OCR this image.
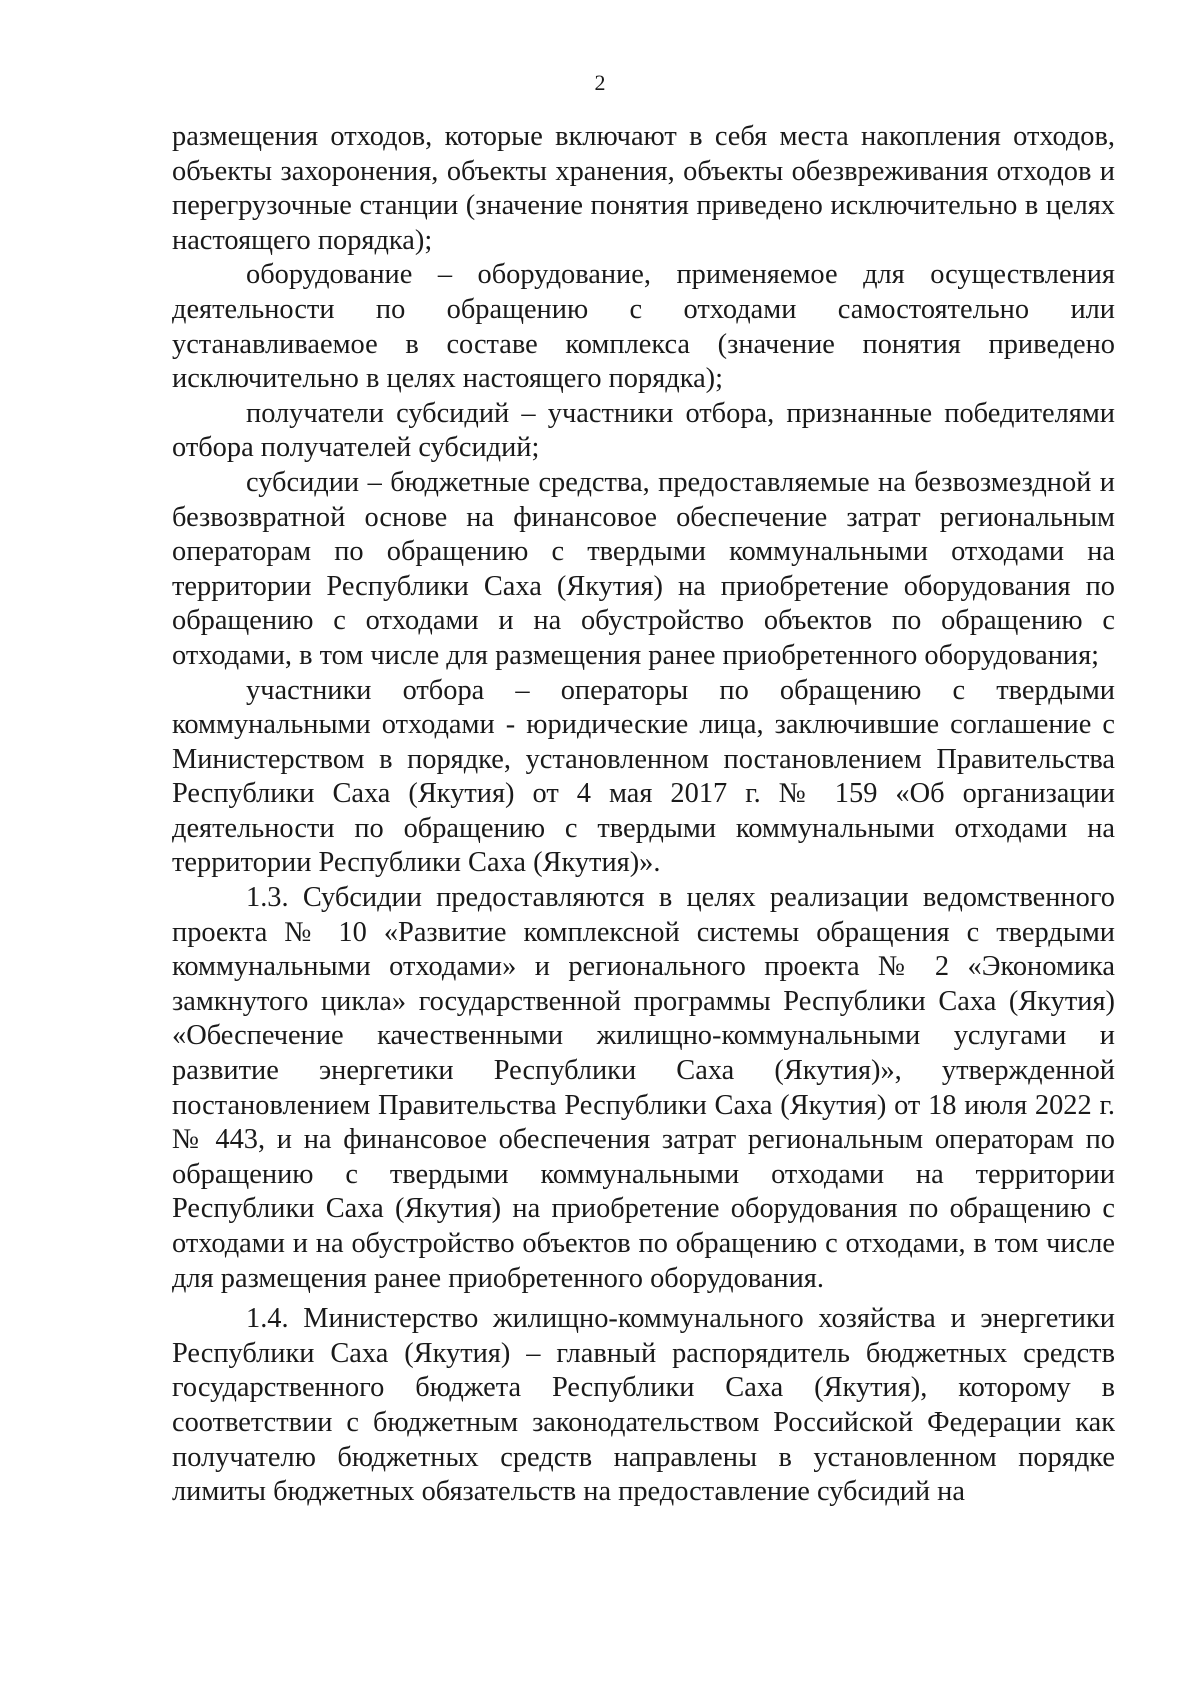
2

размещения отходов, которые включают в себя места накопления отходов, объекты захоронения, объекты хранения, объекты обезвреживания отходов и перегрузочные станции (значение понятия приведено исключительно в целях настоящего порядка);

оборудование – оборудование, применяемое для осуществления деятельности по обращению с отходами самостоятельно или устанавливаемое в составе комплекса (значение понятия приведено исключительно в целях настоящего порядка);

получатели субсидий – участники отбора, признанные победителями отбора получателей субсидий;

субсидии – бюджетные средства, предоставляемые на безвозмездной и безвозвратной основе на финансовое обеспечение затрат региональным операторам по обращению с твердыми коммунальными отходами на территории Республики Саха (Якутия) на приобретение оборудования по обращению с отходами и на обустройство объектов по обращению с отходами, в том числе для размещения ранее приобретенного оборудования;

участники отбора – операторы по обращению с твердыми коммунальными отходами - юридические лица, заключившие соглашение с Министерством в порядке, установленном постановлением Правительства Республики Саха (Якутия) от 4 мая 2017 г. № 159 «Об организации деятельности по обращению с твердыми коммунальными отходами на территории Республики Саха (Якутия)».

1.3. Субсидии предоставляются в целях реализации ведомственного проекта № 10 «Развитие комплексной системы обращения с твердыми коммунальными отходами» и регионального проекта № 2 «Экономика замкнутого цикла» государственной программы Республики Саха (Якутия) «Обеспечение качественными жилищно-коммунальными услугами и развитие энергетики Республики Саха (Якутия)», утвержденной постановлением Правительства Республики Саха (Якутия) от 18 июля 2022 г. № 443, и на финансовое обеспечения затрат региональным операторам по обращению с твердыми коммунальными отходами на территории Республики Саха (Якутия) на приобретение оборудования по обращению с отходами и на обустройство объектов по обращению с отходами, в том числе для размещения ранее приобретенного оборудования.

1.4. Министерство жилищно-коммунального хозяйства и энергетики Республики Саха (Якутия) – главный распорядитель бюджетных средств государственного бюджета Республики Саха (Якутия), которому в соответствии с бюджетным законодательством Российской Федерации как получателю бюджетных средств направлены в установленном порядке лимиты бюджетных обязательств на предоставление субсидий на
